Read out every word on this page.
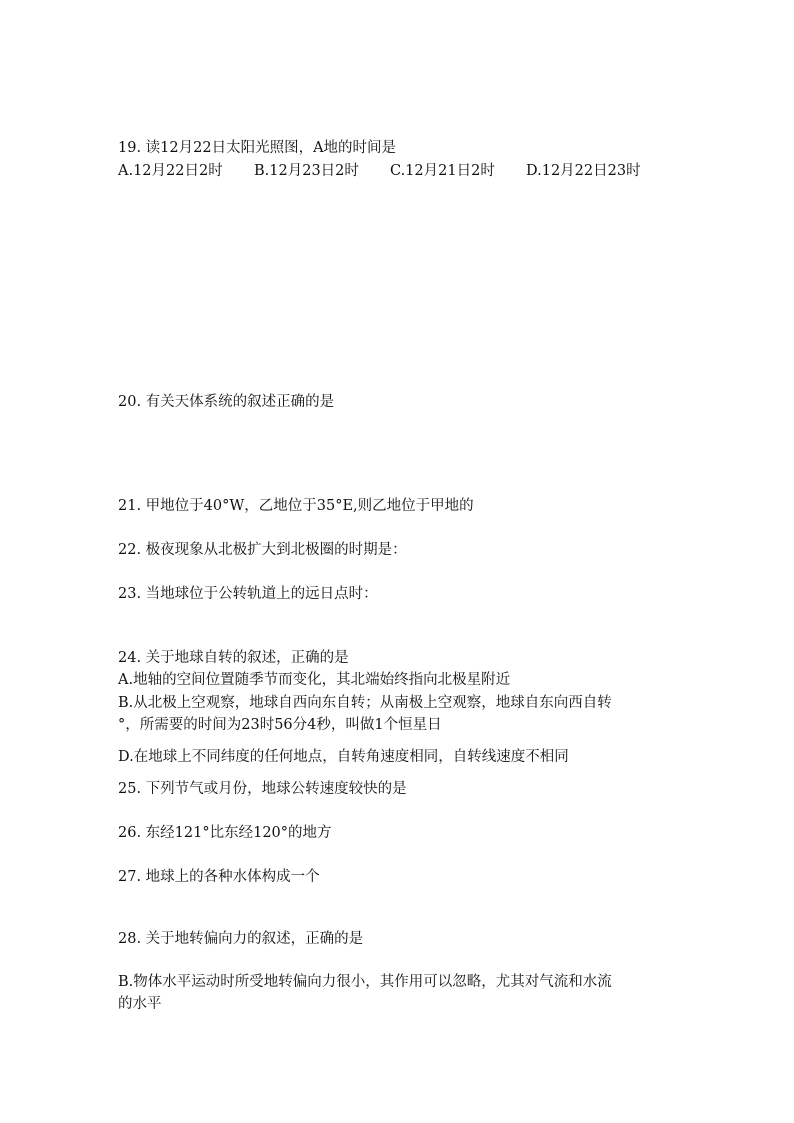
19. 读12月22日太阳光照图，A地的时间是
A.12月22日2时 B.12月23日2时 C.12月21日2时 D.12月22日23时
20. 有关天体系统的叙述正确的是
21. 甲地位于40°W，乙地位于35°E,则乙地位于甲地的
22. 极夜现象从北极扩大到北极圈的时期是：
23. 当地球位于公转轨道上的远日点时：
24. 关于地球自转的叙述，正确的是
A.地轴的空间位置随季节而变化，其北端始终指向北极星附近
B.从北极上空观察，地球自西向东自转；从南极上空观察，地球自东向西自转
°，所需要的时间为23时56分4秒，叫做1个恒星日
D.在地球上不同纬度的任何地点，自转角速度相同，自转线速度不相同
25. 下列节气或月份，地球公转速度较快的是
26. 东经121°比东经120°的地方
27. 地球上的各种水体构成一个
28. 关于地转偏向力的叙述，正确的是
B.物体水平运动时所受地转偏向力很小，其作用可以忽略，尤其对气流和水流
的水平
